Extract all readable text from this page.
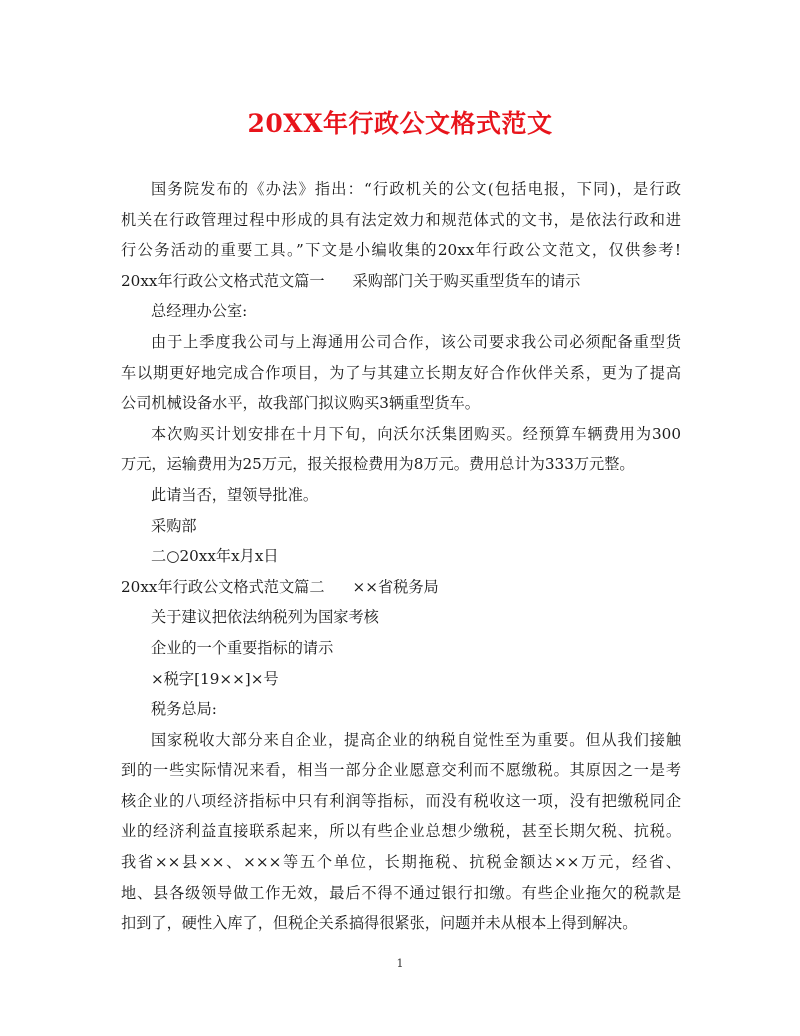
20XX年行政公文格式范文
国务院发布的《办法》指出：“行政机关的公文(包括电报，下同)，是行政
机关在行政管理过程中形成的具有法定效力和规范体式的文书，是依法行政和进
行公务活动的重要工具。”下文是小编收集的20xx年行政公文范文，仅供参考!
20xx年行政公文格式范文篇一 采购部门关于购买重型货车的请示
总经理办公室:
由于上季度我公司与上海通用公司合作，该公司要求我公司必须配备重型货
车以期更好地完成合作项目，为了与其建立长期友好合作伙伴关系，更为了提高
公司机械设备水平，故我部门拟议购买3辆重型货车。
本次购买计划安排在十月下旬，向沃尔沃集团购买。经预算车辆费用为300
万元，运输费用为25万元，报关报检费用为8万元。费用总计为333万元整。
此请当否，望领导批准。
采购部
二○20xx年x月x日
20xx年行政公文格式范文篇二 ××省税务局
关于建议把依法纳税列为国家考核
企业的一个重要指标的请示
×税字[19××]×号
税务总局:
国家税收大部分来自企业，提高企业的纳税自觉性至为重要。但从我们接触
到的一些实际情况来看，相当一部分企业愿意交利而不愿缴税。其原因之一是考
核企业的八项经济指标中只有利润等指标，而没有税收这一项，没有把缴税同企
业的经济利益直接联系起来，所以有些企业总想少缴税，甚至长期欠税、抗税。
我省××县××、×××等五个单位，长期拖税、抗税金额达××万元，经省、
地、县各级领导做工作无效，最后不得不通过银行扣缴。有些企业拖欠的税款是
扣到了，硬性入库了，但税企关系搞得很紧张，问题并未从根本上得到解决。
1
